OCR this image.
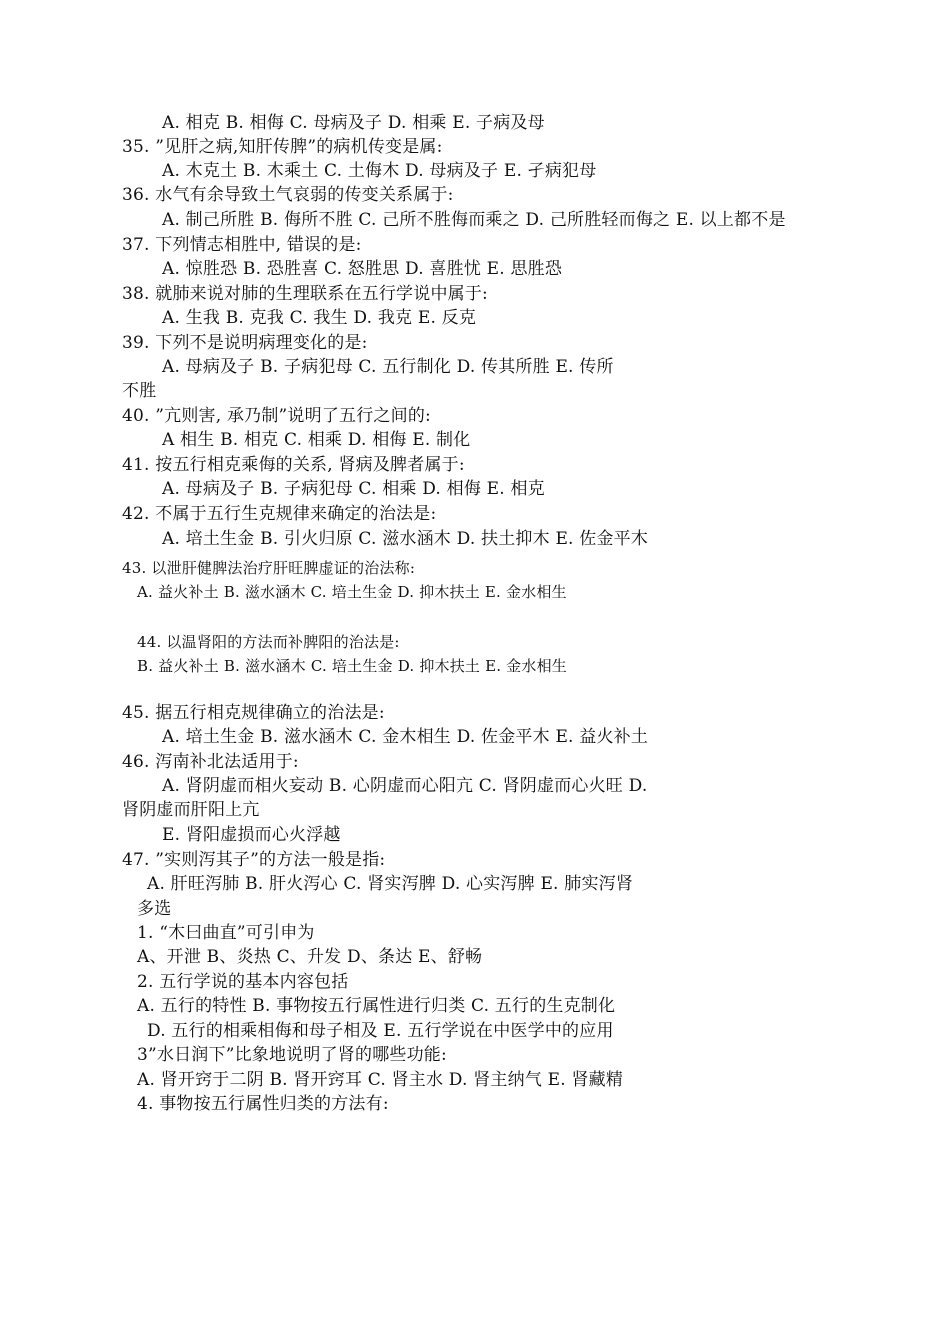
A. 相克 B. 相侮 C. 母病及子 D. 相乘 E. 子病及母
35. ”见肝之病,知肝传脾”的病机传变是属:
A. 木克土 B. 木乘土 C. 土侮木 D. 母病及子 E. 孑病犯母
36. 水气有余导致土气哀弱的传变关系属于:
A. 制己所胜 B. 侮所不胜 C. 己所不胜侮而乘之 D. 己所胜轻而侮之 E. 以上都不是
37. 下列情志相胜中, 错误的是:
A. 惊胜恐 B. 恐胜喜 C. 怒胜思 D. 喜胜忧 E. 思胜恐
38. 就肺来说对肺的生理联系在五行学说中属于:
A. 生我 B. 克我 C. 我生 D. 我克 E. 反克
39. 下列不是说明病理变化的是:
A. 母病及子 B. 子病犯母 C. 五行制化 D. 传其所胜 E. 传所
不胜
40. ”亢则害, 承乃制”说明了五行之间的:
A 相生 B. 相克 C. 相乘 D. 相侮 E. 制化
41. 按五行相克乘侮的关系, 肾病及脾者属于:
A. 母病及子 B. 子病犯母 C. 相乘 D. 相侮 E. 相克
42. 不属于五行生克规律来确定的治法是:
A. 培土生金 B. 引火归原 C. 滋水涵木 D. 扶土抑木 E. 佐金平木
43. 以泄肝健脾法治疗肝旺脾虚证的治法称:
A. 益火补土 B. 滋水涵木 C. 培土生金 D. 抑木扶土 E. 金水相生
44. 以温肾阳的方法而补脾阳的治法是:
B. 益火补土 B. 滋水涵木 C. 培土生金 D. 抑木扶土 E. 金水相生
45. 据五行相克规律确立的治法是:
A. 培土生金 B. 滋水涵木 C. 金木相生 D. 佐金平木 E. 益火补土
46. 泻南补北法适用于:
A. 肾阴虚而相火妄动 B. 心阴虚而心阳亢 C. 肾阴虚而心火旺 D.
肾阴虚而肝阳上亢
E. 肾阳虚损而心火浮越
47. ”实则泻其子”的方法一般是指:
A. 肝旺泻肺 B. 肝火泻心 C. 肾实泻脾 D. 心实泻脾 E. 肺实泻肾
多选
1. “木曰曲直”可引申为
A、开泄 B、炎热 C、升发 D、条达 E、舒畅
2. 五行学说的基本内容包括
A. 五行的特性 B. 事物按五行属性进行归类 C. 五行的生克制化
D. 五行的相乘相侮和母子相及 E. 五行学说在中医学中的应用
3”水日润下”比象地说明了肾的哪些功能:
A. 肾开窍于二阴 B. 肾开窍耳 C. 肾主水 D. 肾主纳气 E. 肾藏精
4. 事物按五行属性归类的方法有:
